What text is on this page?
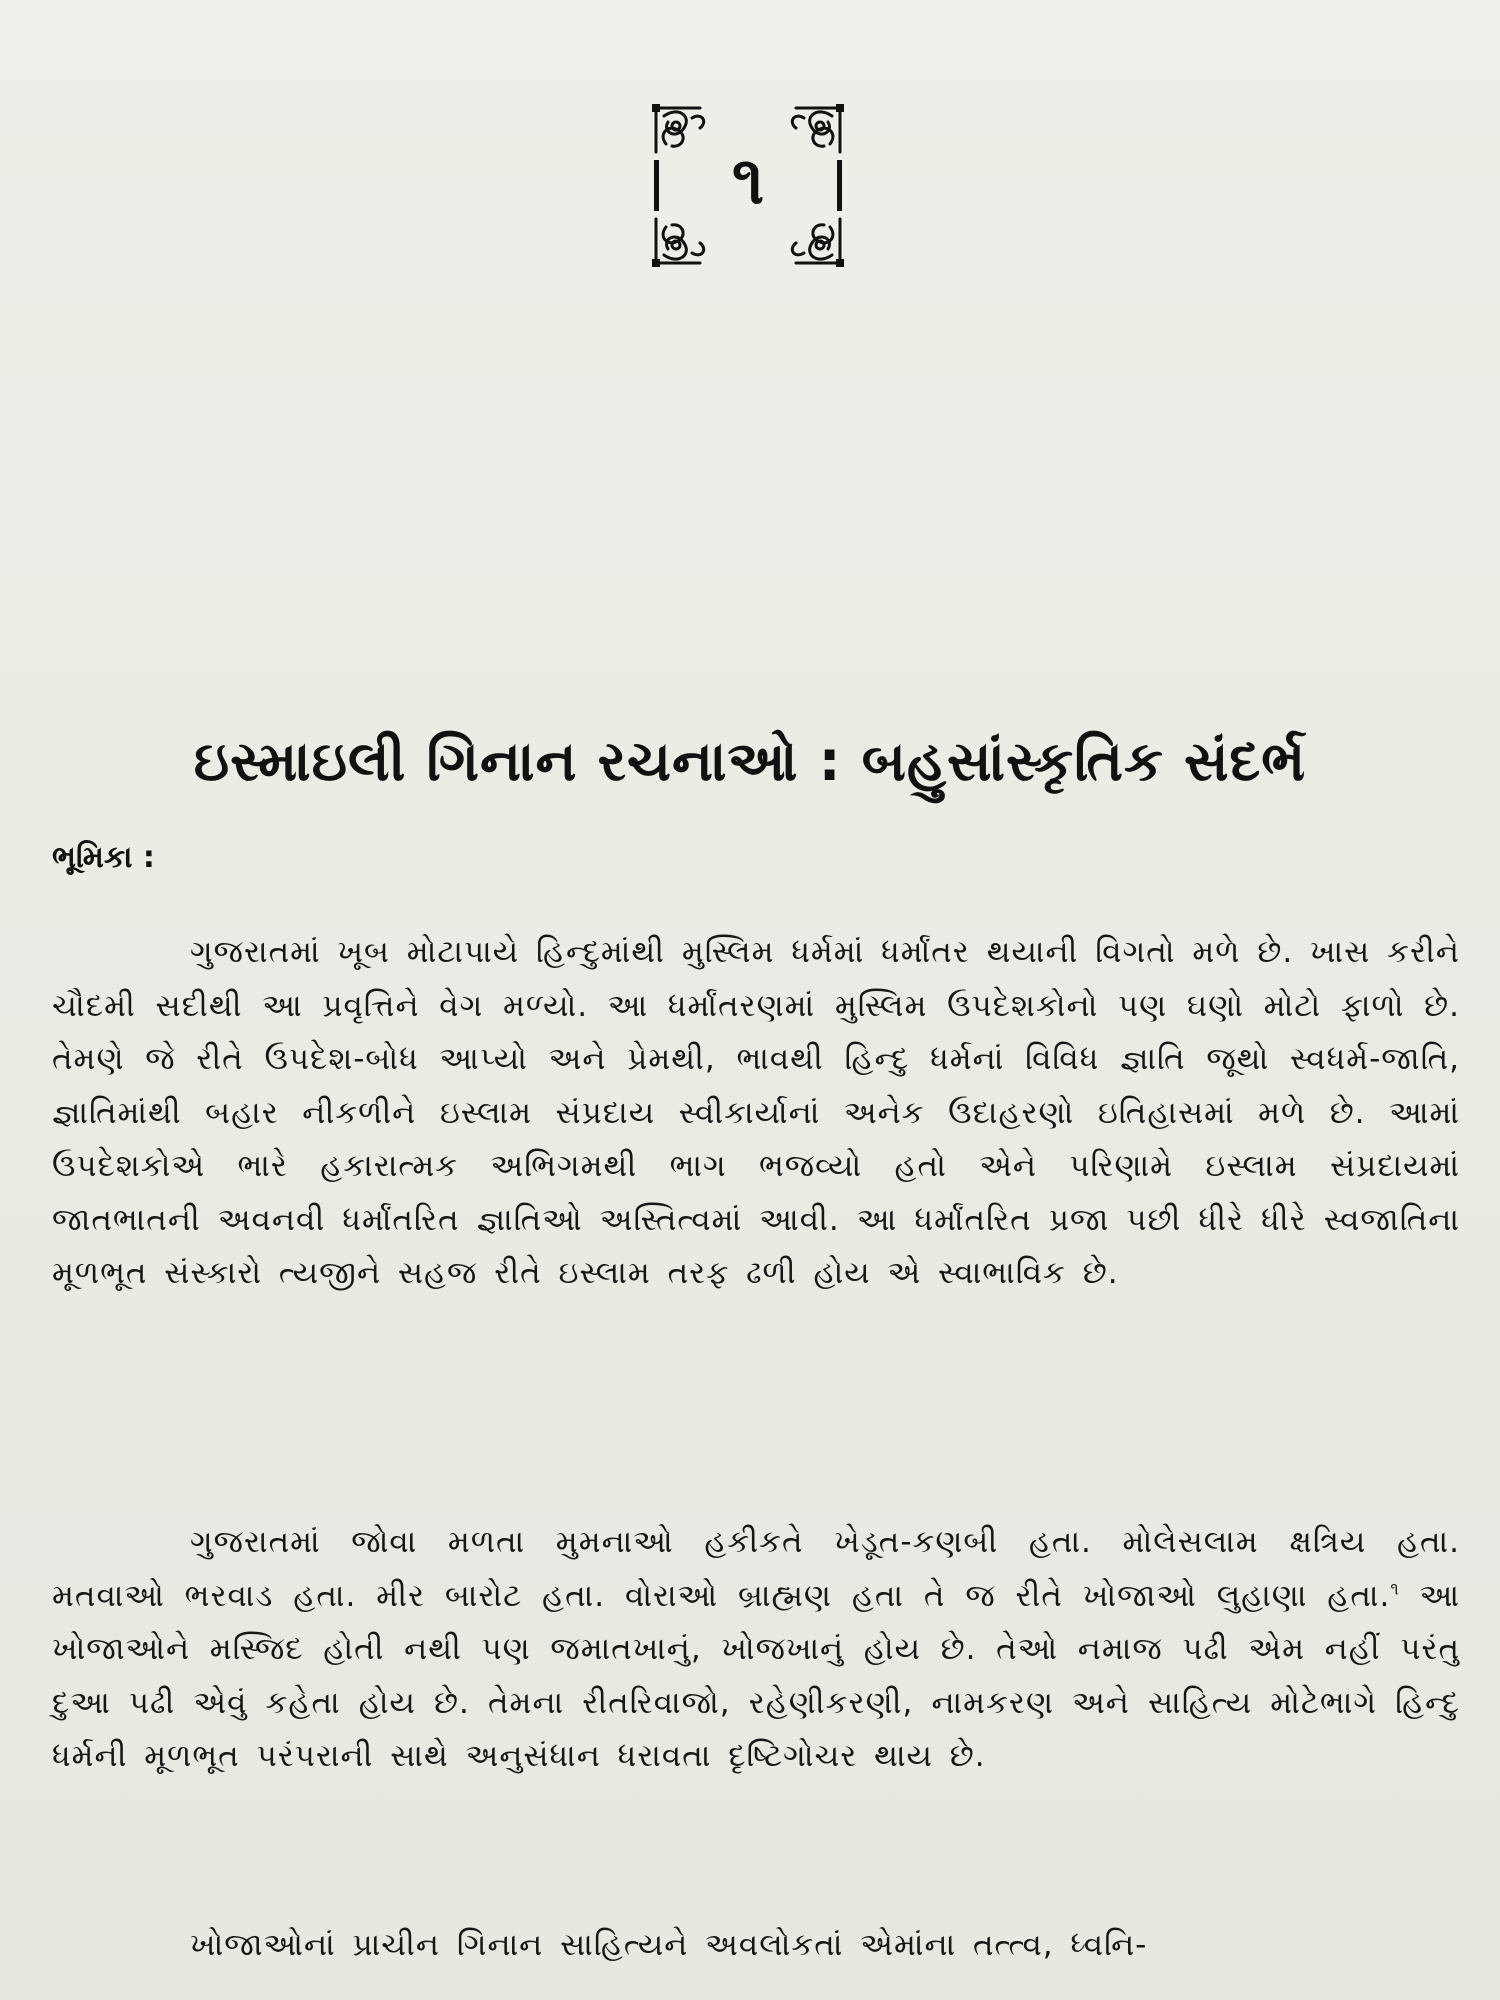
૧
ઇસ્માઇલી ગિનાન રચનાઓ : બહુસાંસ્કૃતિક સંદર્ભ
ભૂમિકા :

ગુજરાતમાં ખૂબ મોટાપાયે હિન્દુમાંથી મુસ્લિમ ધર્મમાં ધર્માંતર થયાની વિગતો મળે છે. ખાસ કરીને ચૌદમી સદીથી આ પ્રવૃત્તિને વેગ મળ્યો. આ ધર્માંતરણમાં મુસ્લિમ ઉપદેશકોનો પણ ઘણો મોટો ફાળો છે. તેમણે જે રીતે ઉપદેશ-બોધ આપ્યો અને પ્રેમથી, ભાવથી હિન્દુ ધર્મનાં વિવિધ જ્ઞાતિ જૂથો સ્વધર્મ-જાતિ, જ્ઞાતિમાંથી બહાર નીકળીને ઇસ્લામ સંપ્રદાય સ્વીકાર્યાનાં અનેક ઉદાહરણો ઇતિહાસમાં મળે છે. આમાં ઉપદેશકોએ ભારે હકારાત્મક અભિગમથી ભાગ ભજવ્યો હતો એને પરિણામે ઇસ્લામ સંપ્રદાયમાં જાતભાતની અવનવી ધર્માંતરિત જ્ઞાતિઓ અસ્તિત્વમાં આવી. આ ધર્માંતરિત પ્રજા પછી ધીરે ધીરે સ્વજાતિના મૂળભૂત સંસ્કારો ત્યજીને સહજ રીતે ઇસ્લામ તરફ ઢળી હોય એ સ્વાભાવિક છે.

ગુજરાતમાં જોવા મળતા મુમનાઓ હકીકતે ખેડૂત-કણબી હતા. મોલેસલામ ક્ષત્રિય હતા. મતવાઓ ભરવાડ હતા. મીર બારોટ હતા. વોરાઓ બ્રાહ્મણ હતા તે જ રીતે ખોજાઓ લુહાણા હતા.$^૧$ આ ખોજાઓને મસ્જિદ હોતી નથી પણ જમાતખાનું, ખોજખાનું હોય છે. તેઓ નમાજ પઢી એમ નહીં પરંતુ દુઆ પઢી એવું કહેતા હોય છે. તેમના રીતરિવાજો, રહેણીકરણી, નામકરણ અને સાહિત્ય મોટેભાગે હિન્દુ ધર્મની મૂળભૂત પરંપરાની સાથે અનુસંધાન ધરાવતા દૃષ્ટિગોચર થાય છે.

ખોજાઓનાં પ્રાચીન ગિનાન સાહિત્યને અવલોકતાં એમાંના તત્ત્વ, ધ્વનિ-
